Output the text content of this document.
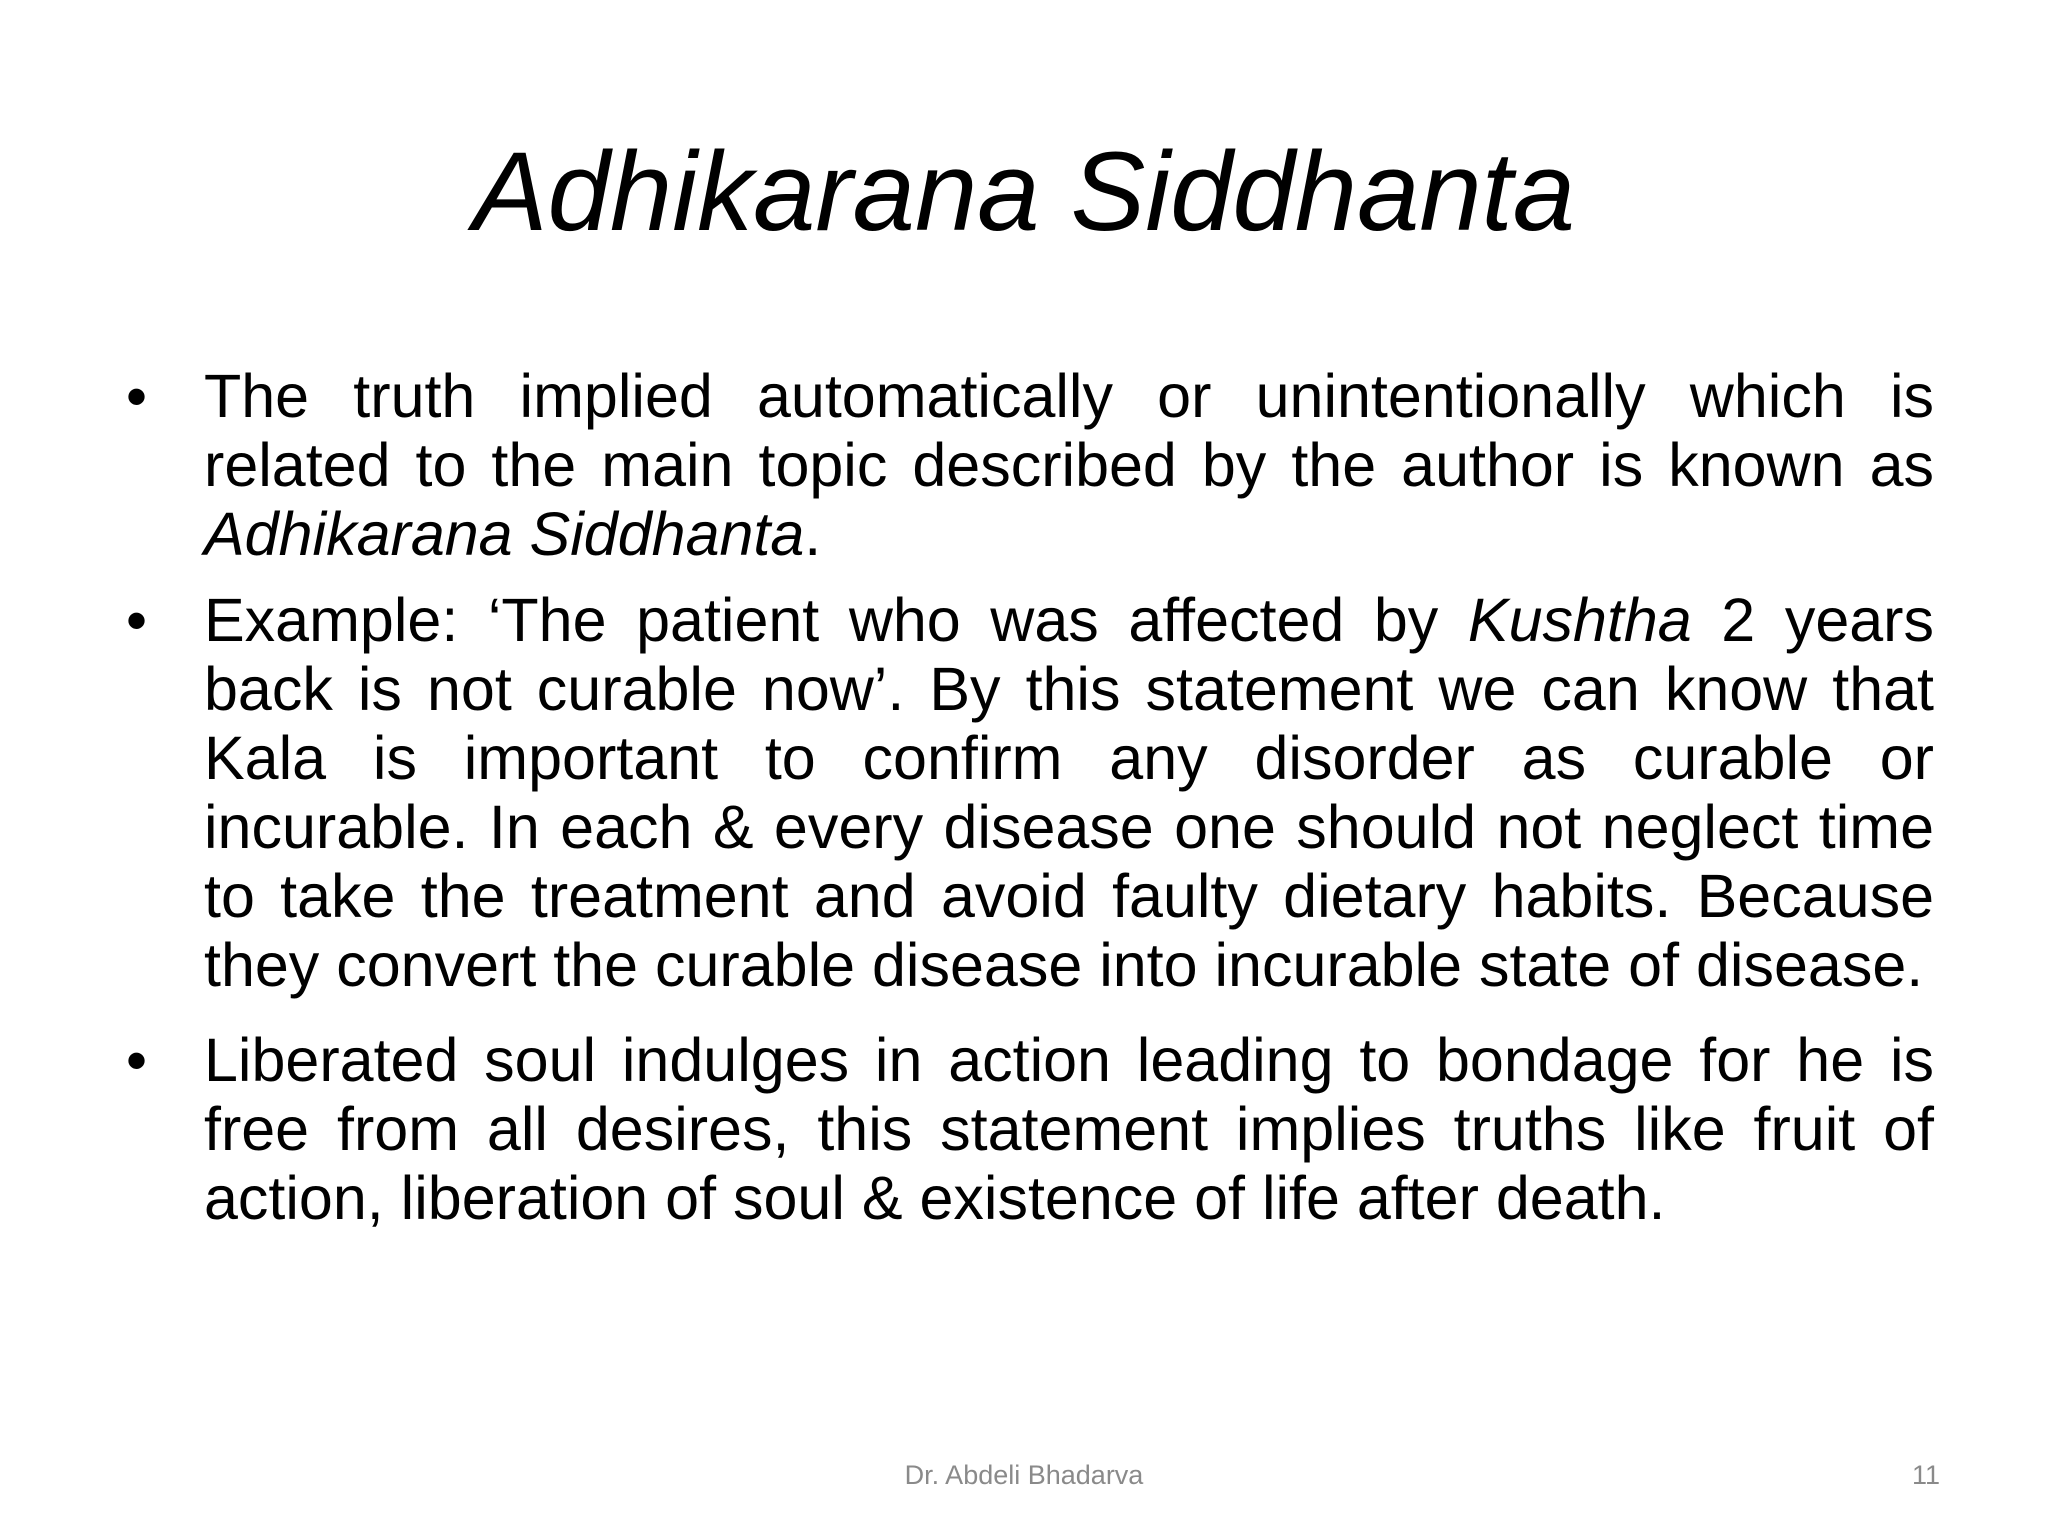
Adhikarana Siddhanta
• The truth implied automatically or unintentionally which is related to the main topic described by the author is known as Adhikarana Siddhanta.
• Example: ‘The patient who was affected by Kushtha 2 years back is not curable now’. By this statement we can know that Kala is important to confirm any disorder as curable or incurable. In each & every disease one should not neglect time to take the treatment and avoid faulty dietary habits. Because they convert the curable disease into incurable state of disease.
• Liberated soul indulges in action leading to bondage for he is free from all desires, this statement implies truths like fruit of action, liberation of soul & existence of life after death.
Dr. Abdeli Bhadarva	11
